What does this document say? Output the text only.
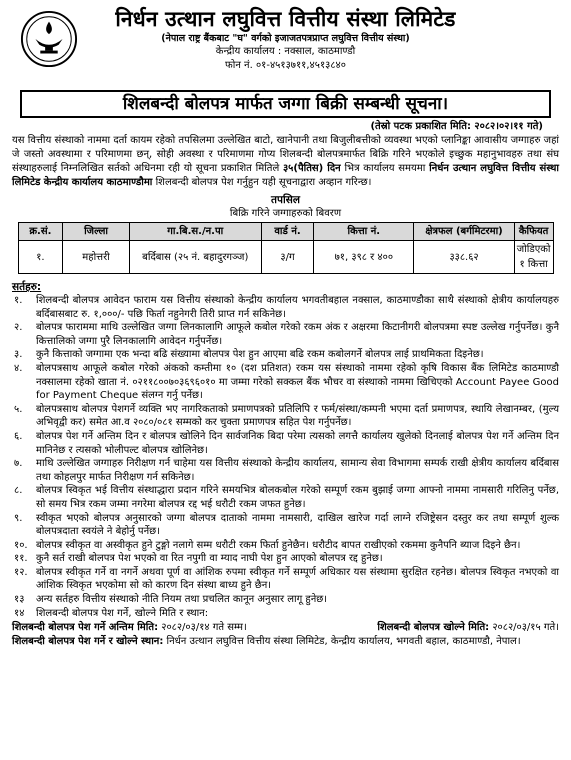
निर्धन उत्थान लघुवित्त वित्तीय संस्था लिमिटेड
(नेपाल राष्ट्र बैंकबाट "घ" वर्गको इजाजतपत्रप्राप्त लघुवित्त वित्तीय संस्था)
केन्द्रीय कार्यालय : नक्साल, काठमाण्डौ
फोन नं. ०१-४५१३७११,४५१३८४०
शिलबन्दी बोलपत्र मार्फत जग्गा बिक्री सम्बन्धी सूचना।
(तेस्रो पटक प्रकाशित मिति: २०८२।०२।११ गते)

यस वित्तीय संस्थाको नाममा दर्ता कायम रहेको तपसिलमा उल्लेखित बाटो, खानेपानी तथा बिजुलीबत्तीको व्यवस्था भएको प्लानिङ्का आवासीय जग्गाहरु जहां जे जस्तो अवस्थामा र परिमाणमा छन्, सोही अवस्था र परिमाणमा गोप्य शिलबन्दी बोलपत्रमार्फत बिक्रि गरिने भएकोले इच्छुक महानुभावहरु तथा संघ संस्थाहरुलाई निम्नलिखित सर्तको अधिनमा रही यो सूचना प्रकाशित मितिले ३५(पैतिस) दिन भित्र कार्यालय समयमा निर्धन उत्थान लघुवित्त वित्तीय संस्था लिमिटेड केन्द्रीय कार्यालय काठमाण्डौमा शिलबन्दी बोलपत्र पेश गर्नुहुन यही सूचनाद्वारा अव्हान गरिन्छ।

तपसिल
बिक्रि गरिने जग्गाहरुको बिवरण
क्र.सं.	जिल्ला	गा.बि.स./न.पा	वार्ड नं.	कित्ता नं.	क्षेत्रफल (बर्गमिटरमा)	कैफियत
१.	महोत्तरी	बर्दिबास (२५ नं. बहादुरगञ्ज)	३/ग	७१, ३९८ र ४००	३३८.६२	जोडिएको १ कित्ता
सर्तहरु:
१.	शिलबन्दी बोलपत्र आवेदन फाराम यस वित्तीय संस्थाको केन्द्रीय कार्यालय भगवतीबहाल नक्साल, काठमाण्डौका साथै संस्थाको क्षेत्रीय कार्यालयहरु बर्दिबासबाट रु. १,०००/- पछि फिर्ता नहुनेगरी तिरी प्राप्त गर्न सकिनेछ।
२.	बोलपत्र फाराममा माथि उल्लेखित जग्गा लिनकालागि आफूले कबोल गरेको रकम अंक र अक्षरमा किटानीगरी बोलपत्रमा स्पष्ट उल्लेख गर्नुपर्नेछ। कुनै कित्तालिको जग्गा पुरै लिनकालागि आवेदन गर्नुपर्नेछ।
३.	कुनै कित्ताको जग्गामा एक भन्दा बढि संख्यामा बोलपत्र पेश हुन आएमा बढि रकम कबोलगर्ने बोलपत्र लाई प्राथमिकता दिइनेछ।
४.	बोलपत्रसाथ आफूले कबोल गरेको अंकको कम्तीमा १० (दश प्रतिशत) रकम यस संस्थाको नाममा रहेको कृषि विकास बैंक लिमिटेड काठमाण्डौ नक्सालमा रहेको खाता नं. ०२११८००७०३६९६०१० मा जम्मा गरेको सक्कल बैंक भौचर वा संस्थाको नाममा खिचिएको Account Payee Good for Payment Cheque संलग्न गर्नु पर्नेछ।
५.	बोलपत्रसाथ बोलपत्र पेशगर्ने व्यक्ति भए नागरिकताको प्रमाणपत्रको प्रतिलिपि र फर्म/संस्था/कम्पनी भएमा दर्ता प्रमाणपत्र, स्थायि लेखानम्बर, (मुल्य अभिवृद्वी कर) समेत आ.व २०८०/०८१ सम्मको कर चुक्ता प्रमाणपत्र सहित पेश गर्नुपर्नेछ।
६.	बोलपत्र पेश गर्ने अन्तिम दिन र बोलपत्र खोलिने दिन सार्वजनिक बिदा परेमा त्यसको लगत्तै कार्यालय खुलेको दिनलाई बोलपत्र पेश गर्ने अन्तिम दिन मानिनेछ र त्यसको भोलीपल्ट बोलपत्र खोलिनेछ।
७.	माथि उल्लेखित जग्गाहरु निरीक्षण गर्न चाहेमा यस वित्तीय संस्थाको केन्द्रीय कार्यालय, सामान्य सेवा विभागमा सम्पर्क राखी क्षेत्रीय कार्यालय बर्दिबास तथा कोहलपुर मार्फत निरीक्षण गर्न सकिनेछ।
८.	बोलपत्र स्विकृत भई वित्तीय संस्थाद्धारा प्रदान गरिने समयभित्र बोलकबोल गरेको सम्पूर्ण रकम बुझाई जग्गा आफ्नो नाममा नामसारी गरिलिनु पर्नेछ, सो समय भित्र रकम जम्मा नगरेमा बोलपत्र रद्द भई धरौटी रकम जफत हुनेछ।
९.	स्वीकृत भएको बोलपत्र अनुसारको जग्गा बोलपत्र दाताको नाममा नामसारी, दाखिल खारेज गर्दा लाग्ने रजिष्ट्रेसन दस्तुर कर तथा सम्पूर्ण शुल्क बोलपत्रदाता स्वयंले ने बेहोर्नु पर्नेछ।
१०. बोलपत्र स्वीकृत वा अस्वीकृत हुने टुङ्गो नलागे सम्म धरौटी रकम फिर्ता हुनेछैन। धरौटीद बापत राखीएको रकममा कुनैपनि ब्याज दिइने छैन।
११. कुनै सर्त राखी बोलपत्र पेश भएको वा रित नपुगी वा म्याद नाघी पेश हुन आएको बोलपत्र रद्द हुनेछ।
१२. बोलपत्र स्वीकृत गर्ने वा नगर्ने अथवा पूर्ण वा आंशिक रुपमा स्वीकृत गर्ने सम्पूर्ण अधिकार यस संस्थामा सुरक्षित रहनेछ। बोलपत्र स्विकृत नभएको वा आंशिक स्विकृत भएकोमा सो को कारण दिन संस्था बाध्य हुने छैन।
१३	अन्य सर्तहरु वित्तीय संस्थाको नीति नियम तथा प्रचलित कानून अनुसार लागू हुनेछ।
१४	शिलबन्दी बोलपत्र पेश गर्ने, खोल्ने मिति र स्थान:
शिलबन्दी बोलपत्र पेश गर्ने अन्तिम मिति: २०८२/०३/१४ गते सम्म।	शिलबन्दी बोलपत्र खोल्ने मिति: २०८२/०३/१५ गते।
शिलबन्दी बोलपत्र पेश गर्ने र खोल्ने स्थान: निर्धन उत्थान लघुवित्त वित्तीय संस्था लिमिटेड, केन्द्रीय कार्यालय, भगवती बहाल, काठमाण्डौ, नेपाल।
